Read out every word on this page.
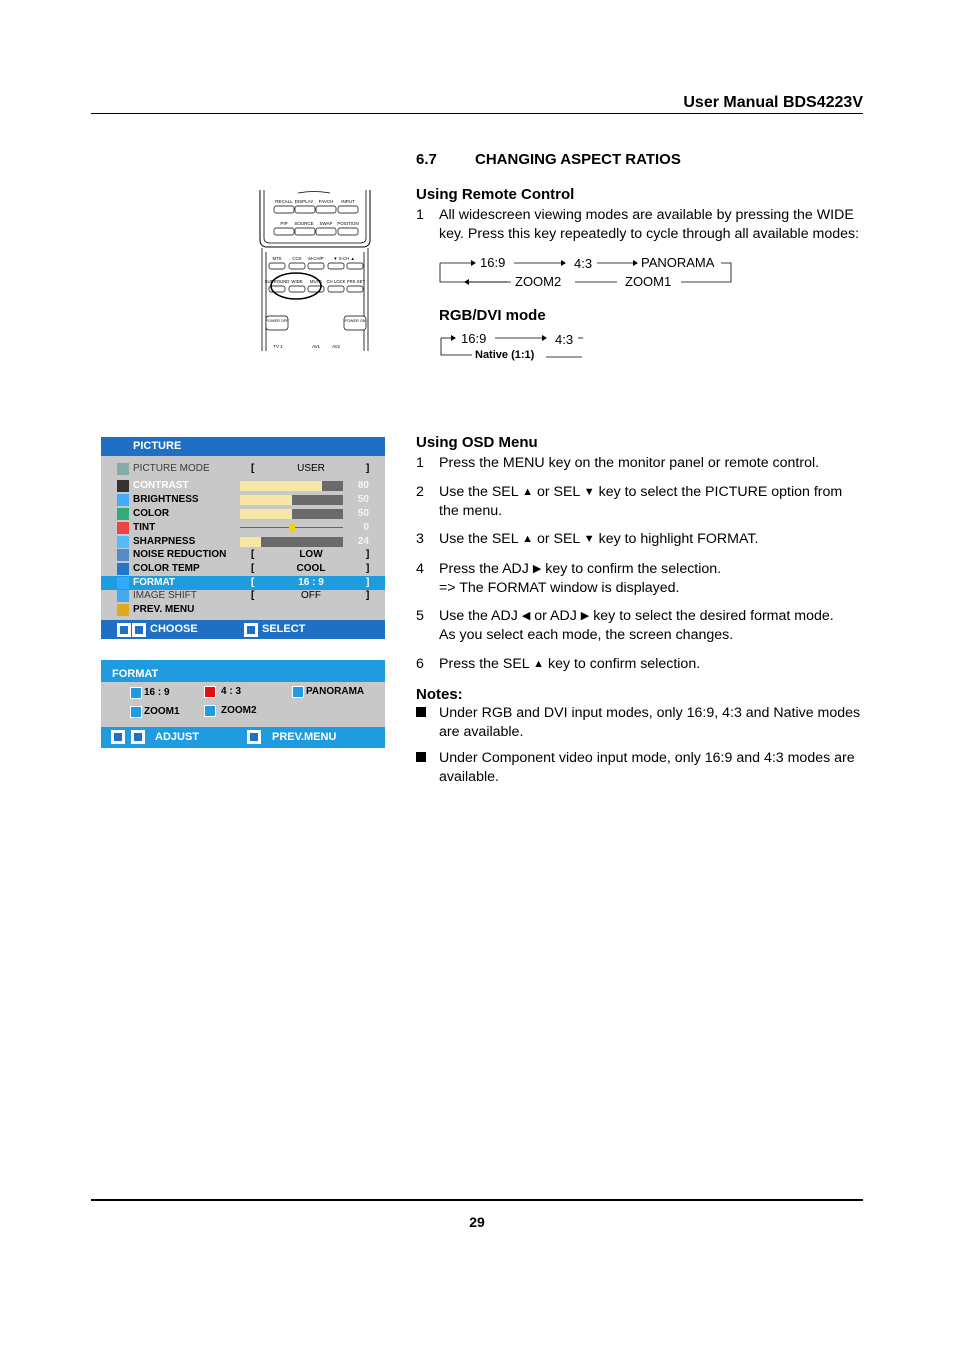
User Manual BDS4223V
6.7	CHANGING ASPECT RATIOS
RECALL DISPLAY FAVCH INPUT
PIP SOURCE SWAP POSITION
MTS	CCD M-CH/P ▼ S-CH ▲
SURROUND WIDE MUTE CH LOCK FRK.SET
POWER OFF	POWER ON
TV 1	AV1	AV2
Using Remote Control
1 All widescreen viewing modes are available by pressing the WIDE key. Press this key repeatedly to cycle through all available modes:
16:9	4:3	PANORAMA
ZOOM1
ZOOM2
RGB/DVI mode
16:9	4:3
Native (1:1)
PICTURE
PICTURE MODE	[	USER	]
CONTRAST	80
BRIGHTNESS	50
COLOR	50
TINT	0
SHARPNESS	24
NOISE REDUCTION [	LOW	]
COLOR TEMP	[	COOL	]
FORMAT	[	16 : 9	]
IMAGE SHIFT	[	OFF	]
PREV. MENU
CHOOSE	SELECT
FORMAT
16 : 9	4 : 3	PANORAMA
ZOOM1	ZOOM2
ADJUST	PREV.MENU
Using OSD Menu
1 Press the MENU key on the monitor panel or remote control.
2 Use the SEL ▲ or SEL ▼ key to select the PICTURE option from the menu.
3 Use the SEL ▲ or SEL ▼ key to highlight FORMAT.
4 Press the ADJ ▶ key to confirm the selection.
=> The FORMAT window is displayed.
5 Use the ADJ ◀ or ADJ ▶ key to select the desired format mode.
As you select each mode, the screen changes.
6 Press the SEL ▲ key to confirm selection.
Notes:
Under RGB and DVI input modes, only 16:9, 4:3 and Native modes are available.
Under Component video input mode, only 16:9 and 4:3 modes are available.
29
